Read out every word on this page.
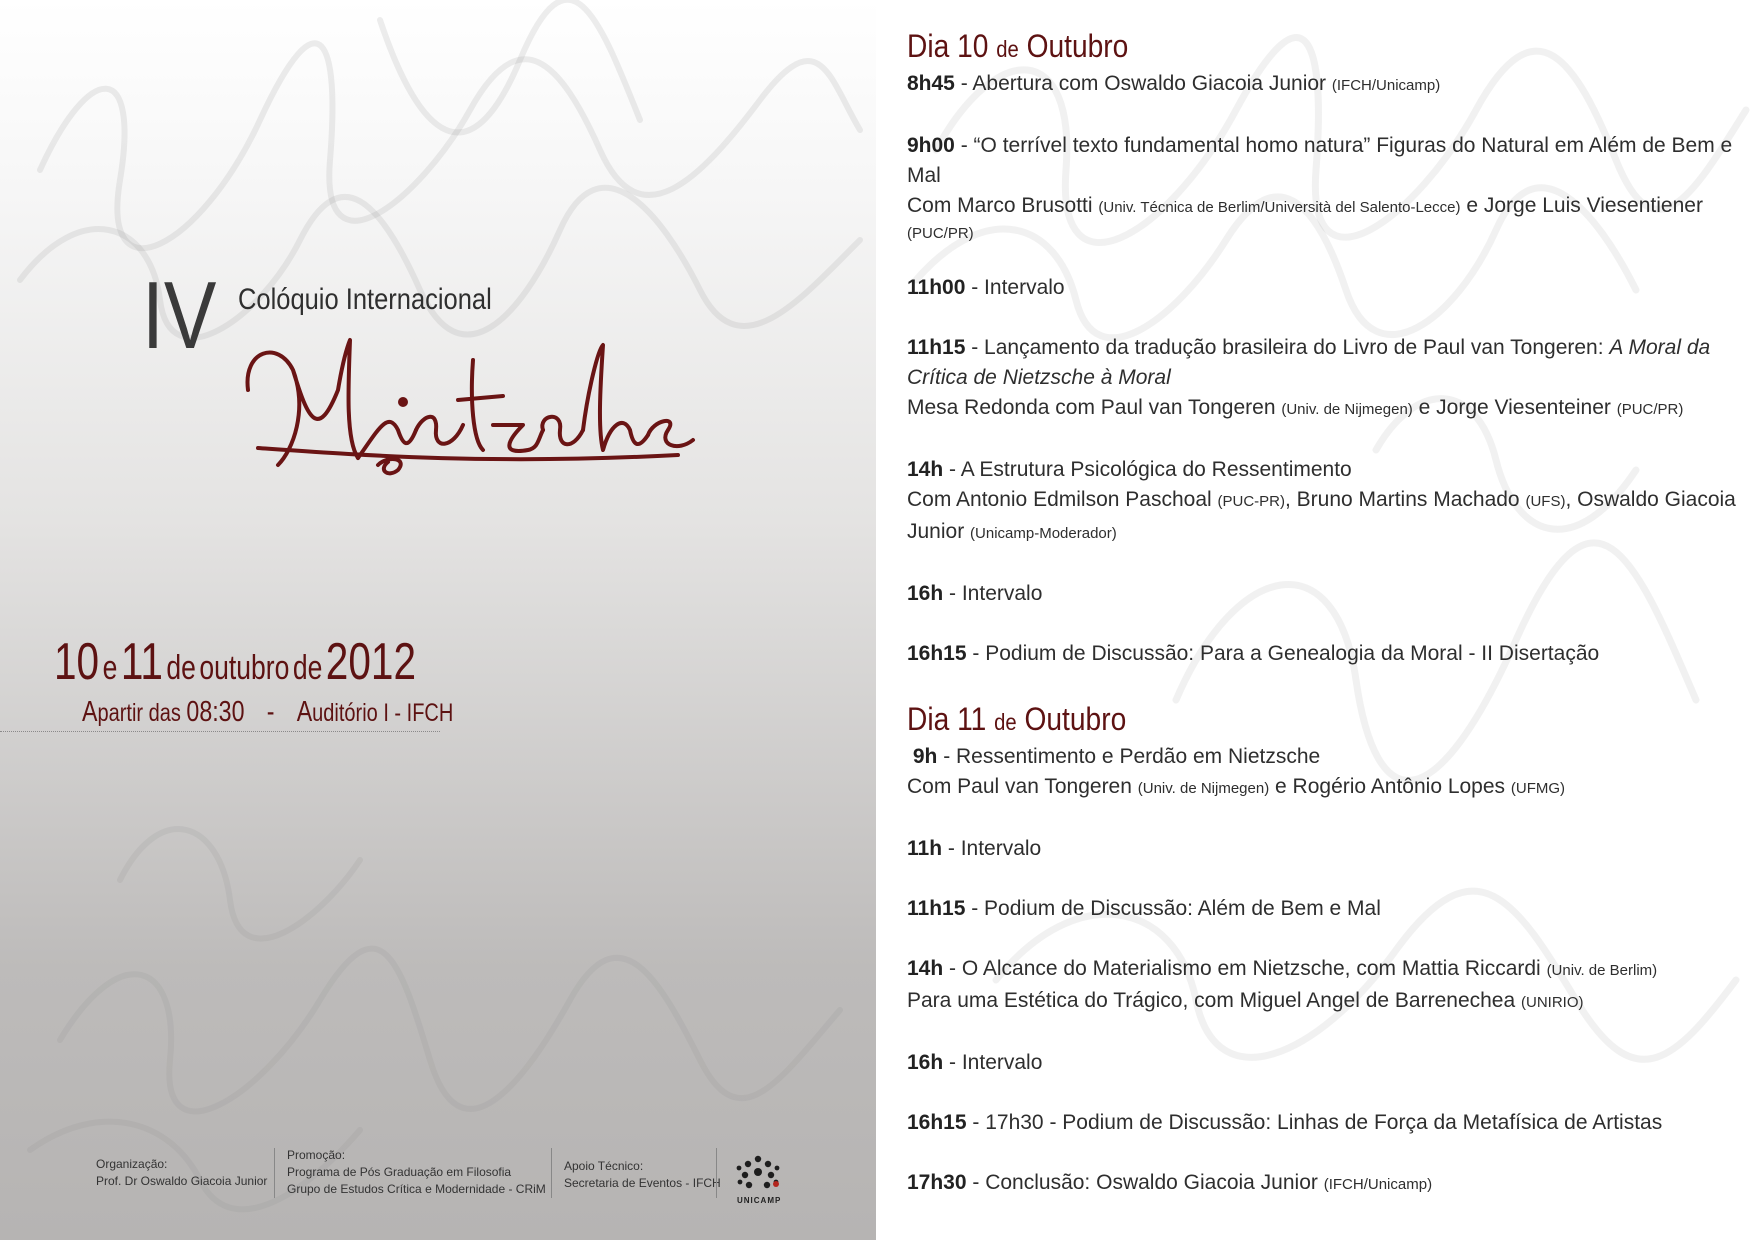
IV Colóquio Internacional
10 e 11 de outubro de 2012
Apartir das 08:30 - Auditório I - IFCH
Organização:
Prof. Dr Oswaldo Giacoia Junior
Promoção:
Programa de Pós Graduação em Filosofia
Grupo de Estudos Crítica e Modernidade - CRiM
Apoio Técnico:
Secretaria de Eventos - IFCH
UNICAMP
Dia 10 de Outubro

8h45 - Abertura com Oswaldo Giacoia Junior (IFCH/Unicamp)

9h00 - “O terrível texto fundamental homo natura” Figuras do Natural em Além de Bem e Mal

Com Marco Brusotti (Univ. Técnica de Berlim/Università del Salento-Lecce) e Jorge Luis Viesentiener

(PUC/PR)

11h00 - Intervalo

11h15 - Lançamento da tradução brasileira do Livro de Paul van Tongeren: A Moral da Crítica de Nietzsche à Moral

Mesa Redonda com Paul van Tongeren (Univ. de Nijmegen) e Jorge Viesenteiner (PUC/PR)

14h - A Estrutura Psicológica do Ressentimento

Com Antonio Edmilson Paschoal (PUC-PR), Bruno Martins Machado (UFS), Oswaldo Giacoia Junior (Unicamp-Moderador)

16h - Intervalo

16h15 - Podium de Discussão: Para a Genealogia da Moral - II Disertação

Dia 11 de Outubro

9h - Ressentimento e Perdão em Nietzsche

Com Paul van Tongeren (Univ. de Nijmegen) e Rogério Antônio Lopes (UFMG)

11h - Intervalo

11h15 - Podium de Discussão: Além de Bem e Mal

14h - O Alcance do Materialismo em Nietzsche, com Mattia Riccardi (Univ. de Berlim)

Para uma Estética do Trágico, com Miguel Angel de Barrenechea (UNIRIO)

16h - Intervalo

16h15 - 17h30 - Podium de Discussão: Linhas de Força da Metafísica de Artistas

17h30 - Conclusão: Oswaldo Giacoia Junior (IFCH/Unicamp)
